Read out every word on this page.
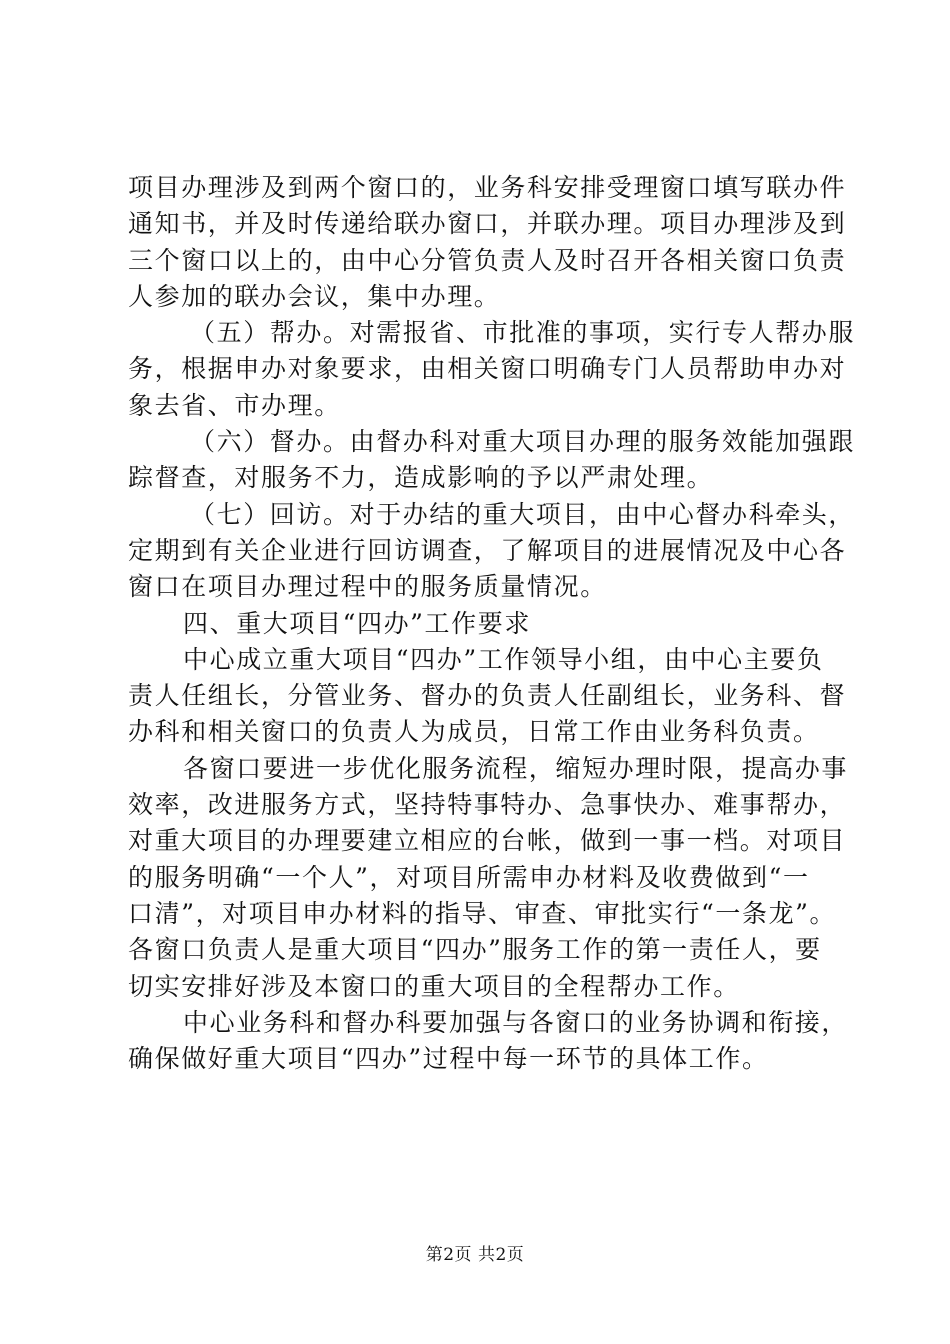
项目办理涉及到两个窗口的，业务科安排受理窗口填写联办件
通知书，并及时传递给联办窗口，并联办理。项目办理涉及到
三个窗口以上的，由中心分管负责人及时召开各相关窗口负责
人参加的联办会议，集中办理。
（五）帮办。对需报省、市批准的事项，实行专人帮办服
务，根据申办对象要求，由相关窗口明确专门人员帮助申办对
象去省、市办理。
（六）督办。由督办科对重大项目办理的服务效能加强跟
踪督查，对服务不力，造成影响的予以严肃处理。
（七）回访。对于办结的重大项目，由中心督办科牵头，
定期到有关企业进行回访调查，了解项目的进展情况及中心各
窗口在项目办理过程中的服务质量情况。
四、重大项目“四办”工作要求
中心成立重大项目“四办”工作领导小组，由中心主要负
责人任组长，分管业务、督办的负责人任副组长，业务科、督
办科和相关窗口的负责人为成员，日常工作由业务科负责。
各窗口要进一步优化服务流程，缩短办理时限，提高办事
效率，改进服务方式，坚持特事特办、急事快办、难事帮办，
对重大项目的办理要建立相应的台帐，做到一事一档。对项目
的服务明确“一个人”，对项目所需申办材料及收费做到“一
口清”，对项目申办材料的指导、审查、审批实行“一条龙”。
各窗口负责人是重大项目“四办”服务工作的第一责任人，要
切实安排好涉及本窗口的重大项目的全程帮办工作。
中心业务科和督办科要加强与各窗口的业务协调和衔接，
确保做好重大项目“四办”过程中每一环节的具体工作。
第2页 共2页
